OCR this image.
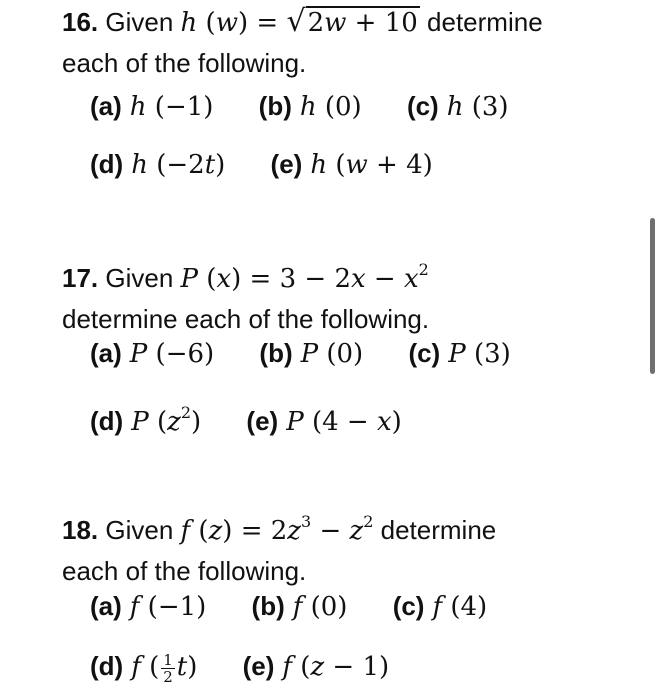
16. Given h (w) = √2w + 10 determine
each of the following.
(a) h (−1) (b) h (0) (c) h (3)
(d) h (−2t) (e) h (w + 4)
17. Given P $(x) = 3 - 2x - x^2$
determine each of the following.
(a) P (−6) (b) P (0) (c) P (3)
(d) P $(z^2)$ (e) P (4 − x)
18. Given f $(z) = 2z^3 - z^2$ determine
each of the following.
(a) f (−1) (b) f (0) (c) f (4)
(d) f ( $\frac{1}{2} t$) (e) f (z − 1)
